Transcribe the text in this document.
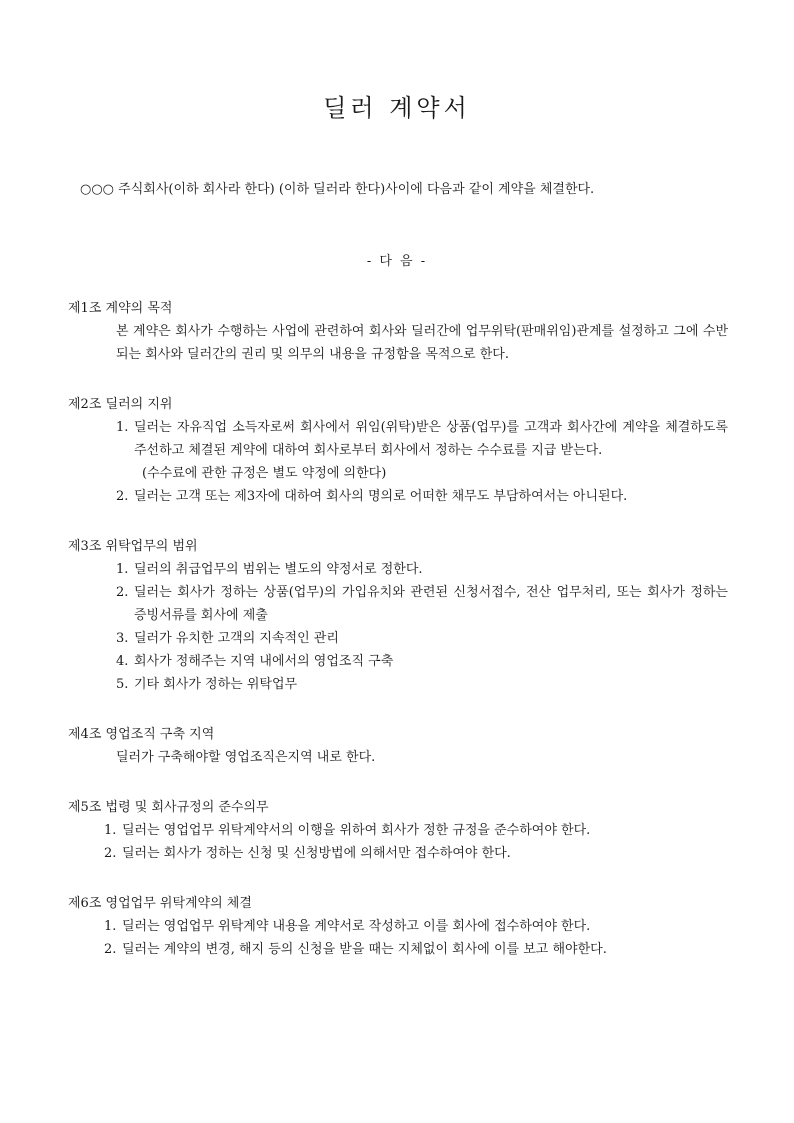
딜러 계약서
○○○ 주식회사(이하 회사라 한다) (이하 딜러라 한다)사이에 다음과 같이 계약을 체결한다.
- 다 음 -

제1조 계약의 목적

본 계약은 회사가 수행하는 사업에 관련하여 회사와 딜러간에 업무위탁(판매위임)관계를 설정하고 그에 수반되는 회사와 딜러간의 권리 및 의무의 내용을 규정함을 목적으로 한다.

제2조 딜러의 지위

1. 딜러는 자유직업 소득자로써 회사에서 위임(위탁)받은 상품(업무)를 고객과 회사간에 계약을 체결하도록 주선하고 체결된 계약에 대하여 회사로부터 회사에서 정하는 수수료를 지급 받는다.
(수수료에 관한 규정은 별도 약정에 의한다)
2. 딜러는 고객 또는 제3자에 대하여 회사의 명의로 어떠한 채무도 부담하여서는 아니된다.

제3조 위탁업무의 범위

1. 딜러의 취급업무의 범위는 별도의 약정서로 정한다.
2. 딜러는 회사가 정하는 상품(업무)의 가입유치와 관련된 신청서접수, 전산 업무처리, 또는 회사가 정하는 증빙서류를 회사에 제출
3. 딜러가 유치한 고객의 지속적인 관리
4. 회사가 정해주는 지역 내에서의 영업조직 구축
5. 기타 회사가 정하는 위탁업무

제4조 영업조직 구축 지역

딜러가 구축해야할 영업조직은지역 내로 한다.

제5조 법령 및 회사규정의 준수의무

1. 딜러는 영업업무 위탁계약서의 이행을 위하여 회사가 정한 규정을 준수하여야 한다.
2. 딜러는 회사가 정하는 신청 및 신청방법에 의해서만 접수하여야 한다.

제6조 영업업무 위탁계약의 체결

1. 딜러는 영업업무 위탁계약 내용을 계약서로 작성하고 이를 회사에 접수하여야 한다.
2. 딜러는 계약의 변경, 해지 등의 신청을 받을 때는 지체없이 회사에 이를 보고 해야한다.
